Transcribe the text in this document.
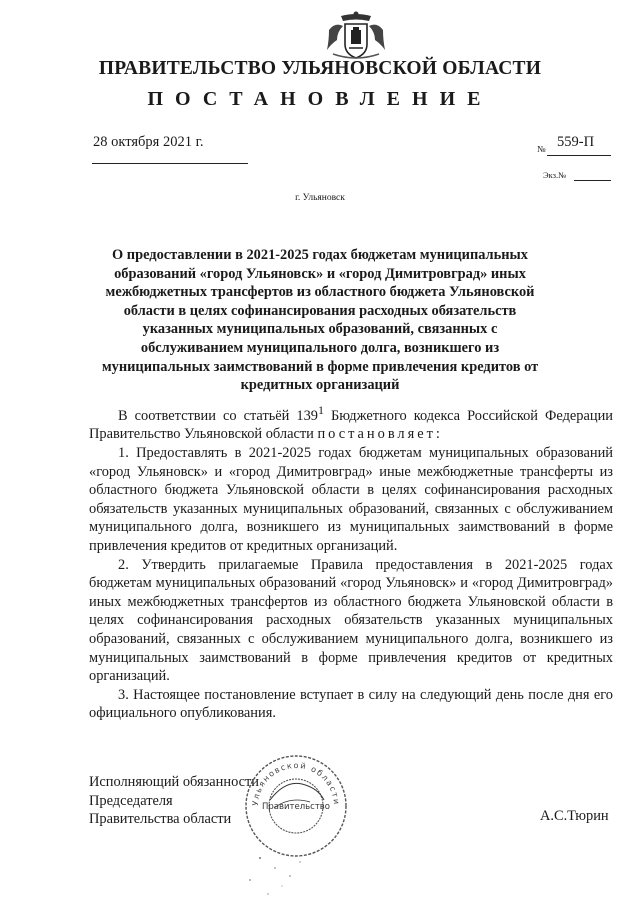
ПРАВИТЕЛЬСТВО УЛЬЯНОВСКОЙ ОБЛАСТИ
ПОСТАНОВЛЕНИЕ
28 октября 2021 г.	№ 559-П
Экз.№
г. Ульяновск
О предоставлении в 2021-2025 годах бюджетам муниципальных образований «город Ульяновск» и «город Димитровград» иных межбюджетных трансфертов из областного бюджета Ульяновской области в целях софинансирования расходных обязательств указанных муниципальных образований, связанных с обслуживанием муниципального долга, возникшего из муниципальных заимствований в форме привлечения кредитов от кредитных организаций

В соответствии со статьёй $139^1$ Бюджетного кодекса Российской Федерации Правительство Ульяновской области постановляет:

1. Предоставлять в 2021-2025 годах бюджетам муниципальных образований «город Ульяновск» и «город Димитровград» иные межбюджетные трансферты из областного бюджета Ульяновской области в целях софинансирования расходных обязательств указанных муниципальных образований, связанных с обслуживанием муниципального долга, возникшего из муниципальных заимствований в форме привлечения кредитов от кредитных организаций.

2. Утвердить прилагаемые Правила предоставления в 2021-2025 годах бюджетам муниципальных образований «город Ульяновск» и «город Димитровград» иных межбюджетных трансфертов из областного бюджета Ульяновской области в целях софинансирования расходных обязательств указанных муниципальных образований, связанных с обслуживанием муниципального долга, возникшего из муниципальных заимствований в форме привлечения кредитов от кредитных организаций.

3. Настоящее постановление вступает в силу на следующий день после дня его официального опубликования.

Исполняющий обязанности
Председателя
Правительства области
Ульяновской области
Правительство
А.С.Тюрин
